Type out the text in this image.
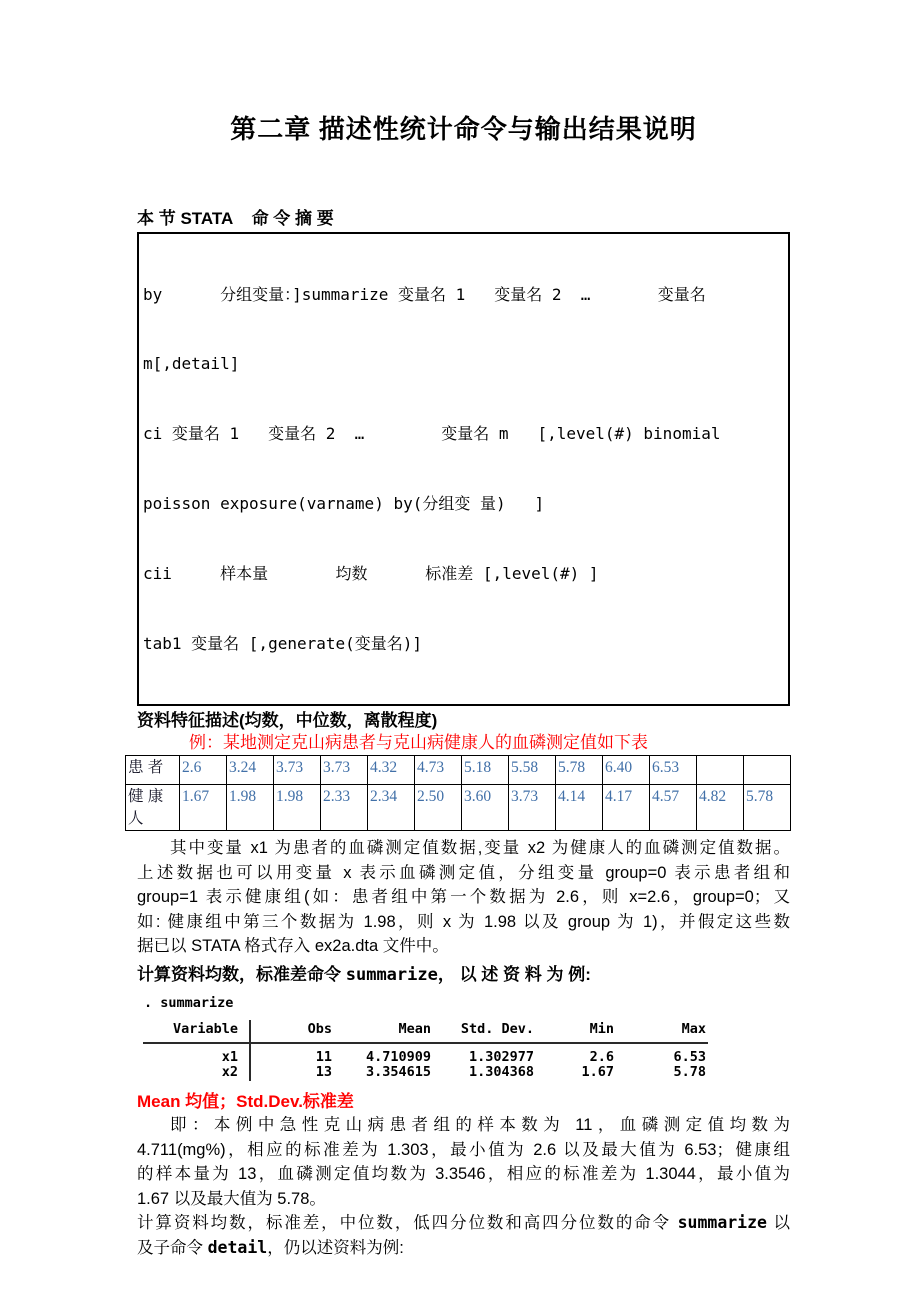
第二章 描述性统计命令与输出结果说明
本 节 STATA    命 令 摘 要

by      分组变量：]summarize 变量名 1   变量名 2  …       变量名

m[,detail]

ci 变量名 1   变量名 2  …        变量名 m   [,level(#) binomial

poisson exposure(varname) by(分组变 量)   ]

cii     样本量       均数      标准差 [,level(#) ]

tab1 变量名 [,generate(变量名)]

资料特征描述(均数，中位数，离散程度)
例：某地测定克山病患者与克山病健康人的血磷测定值如下表
患 者	2.6	3.24	3.73	3.73	4.32	4.73	5.18	5.58	5.78	6.40	6.53		
健 康人	1.67	1.98	1.98	2.33	2.34	2.50	3.60	3.73	4.14	4.17	4.57	4.82	5.78
其中变量 x1 为患者的血磷测定值数据,变量 x2 为健康人的血磷测定值数据。
上述数据也可以用变量 x 表示血磷测定值，分组变量 group=0 表示患者组和
group=1 表示健康组(如：患者组中第一个数据为 2.6，则 x=2.6，group=0；又
如: 健康组中第三个数据为 1.98，则 x 为 1.98 以及 group 为 1)，并假定这些数
据已以 STATA 格式存入 ex2a.dta 文件中。
计算资料均数，标准差命令 summarize， 以 述 资 料 为 例:
. summarize
Variable	Obs	Mean	Std. Dev.	Min	Max
x1	11	4.710909	1.302977	2.6	6.53
x2	13	3.354615	1.304368	1.67	5.78
Mean 均值；Std.Dev.标准差
即：本例中急性克山病患者组的样本数为 11，血磷测定值均数为
4.711(mg%)，相应的标准差为 1.303，最小值为 2.6 以及最大值为 6.53；健康组
的样本量为 13，血磷测定值均数为 3.3546，相应的标准差为 1.3044，最小值为
1.67 以及最大值为 5.78。
计算资料均数，标准差，中位数，低四分位数和高四分位数的命令 summarize 以
及子命令 detail，仍以述资料为例:
